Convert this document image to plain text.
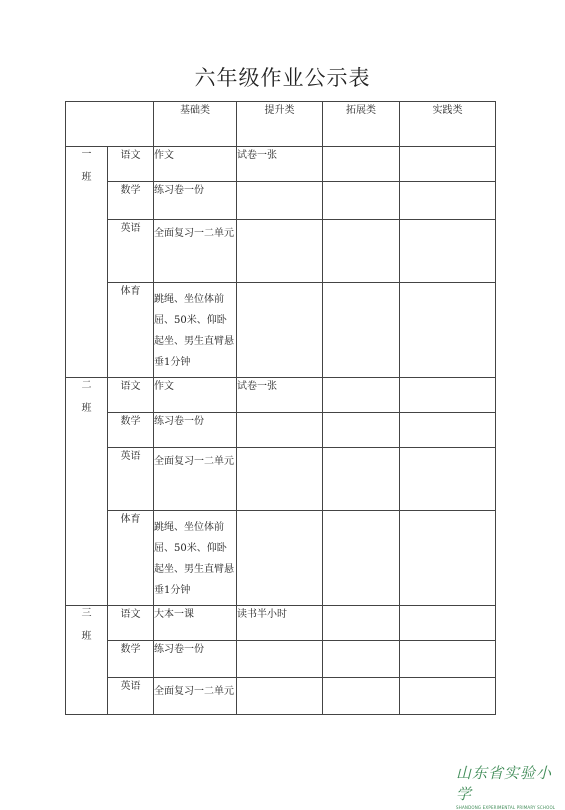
六年级作业公示表
		基础类	提升类	拓展类	实践类

一
班	语文	作文	试卷一张		
	数学	练习卷一份			
	英语	全面复习一二单元			
	体育	跳绳、坐位体前屈、50米、仰卧起坐、男生直臂悬垂1分钟			

二
班	语文	作文	试卷一张		
	数学	练习卷一份			
	英语	全面复习一二单元			
	体育	跳绳、坐位体前屈、50米、仰卧起坐、男生直臂悬垂1分钟			

三
班	语文	大本一课	读书半小时		
	数学	练习卷一份			
	英语	全面复习一二单元			
山东省实验小学
SHANDONG EXPERIMENTAL PRIMARY SCHOOL
